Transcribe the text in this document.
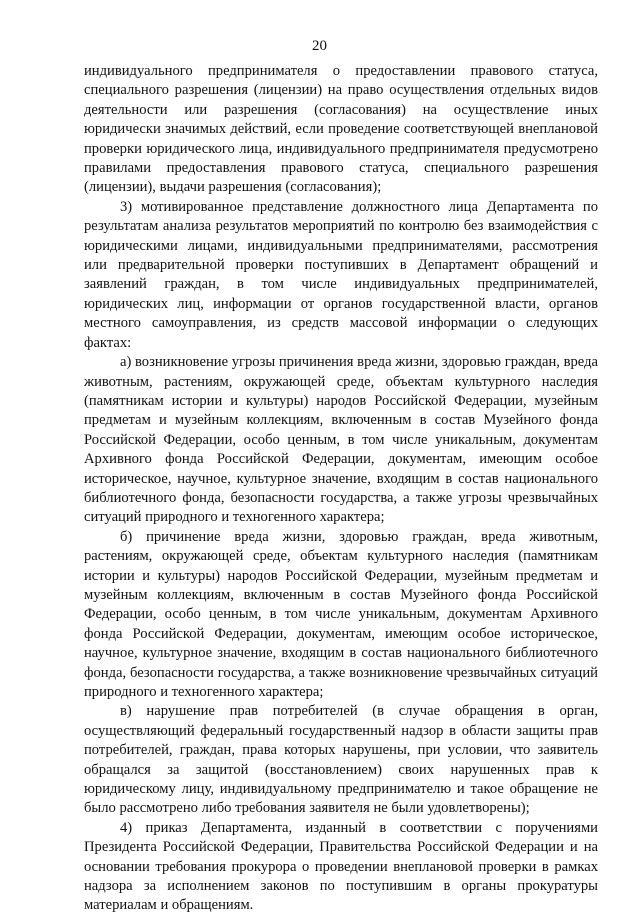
20

индивидуального предпринимателя о предоставлении правового статуса, специального разрешения (лицензии) на право осуществления отдельных видов деятельности или разрешения (согласования) на осуществление иных юридически значимых действий, если проведение соответствующей внеплановой проверки юридического лица, индивидуального предпринимателя предусмотрено правилами предоставления правового статуса, специального разрешения (лицензии), выдачи разрешения (согласования);

3) мотивированное представление должностного лица Департамента по результатам анализа результатов мероприятий по контролю без взаимодействия с юридическими лицами, индивидуальными предпринимателями, рассмотрения или предварительной проверки поступивших в Департамент обращений и заявлений граждан, в том числе индивидуальных предпринимателей, юридических лиц, информации от органов государственной власти, органов местного самоуправления, из средств массовой информации о следующих фактах:

а) возникновение угрозы причинения вреда жизни, здоровью граждан, вреда животным, растениям, окружающей среде, объектам культурного наследия (памятникам истории и культуры) народов Российской Федерации, музейным предметам и музейным коллекциям, включенным в состав Музейного фонда Российской Федерации, особо ценным, в том числе уникальным, документам Архивного фонда Российской Федерации, документам, имеющим особое историческое, научное, культурное значение, входящим в состав национального библиотечного фонда, безопасности государства, а также угрозы чрезвычайных ситуаций природного и техногенного характера;

б) причинение вреда жизни, здоровью граждан, вреда животным, растениям, окружающей среде, объектам культурного наследия (памятникам истории и культуры) народов Российской Федерации, музейным предметам и музейным коллекциям, включенным в состав Музейного фонда Российской Федерации, особо ценным, в том числе уникальным, документам Архивного фонда Российской Федерации, документам, имеющим особое историческое, научное, культурное значение, входящим в состав национального библиотечного фонда, безопасности государства, а также возникновение чрезвычайных ситуаций природного и техногенного характера;

в) нарушение прав потребителей (в случае обращения в орган, осуществляющий федеральный государственный надзор в области защиты прав потребителей, граждан, права которых нарушены, при условии, что заявитель обращался за защитой (восстановлением) своих нарушенных прав к юридическому лицу, индивидуальному предпринимателю и такое обращение не было рассмотрено либо требования заявителя не были удовлетворены);

4) приказ Департамента, изданный в соответствии с поручениями Президента Российской Федерации, Правительства Российской Федерации и на основании требования прокурора о проведении внеплановой проверки в рамках надзора за исполнением законов по поступившим в органы прокуратуры материалам и обращениям.
